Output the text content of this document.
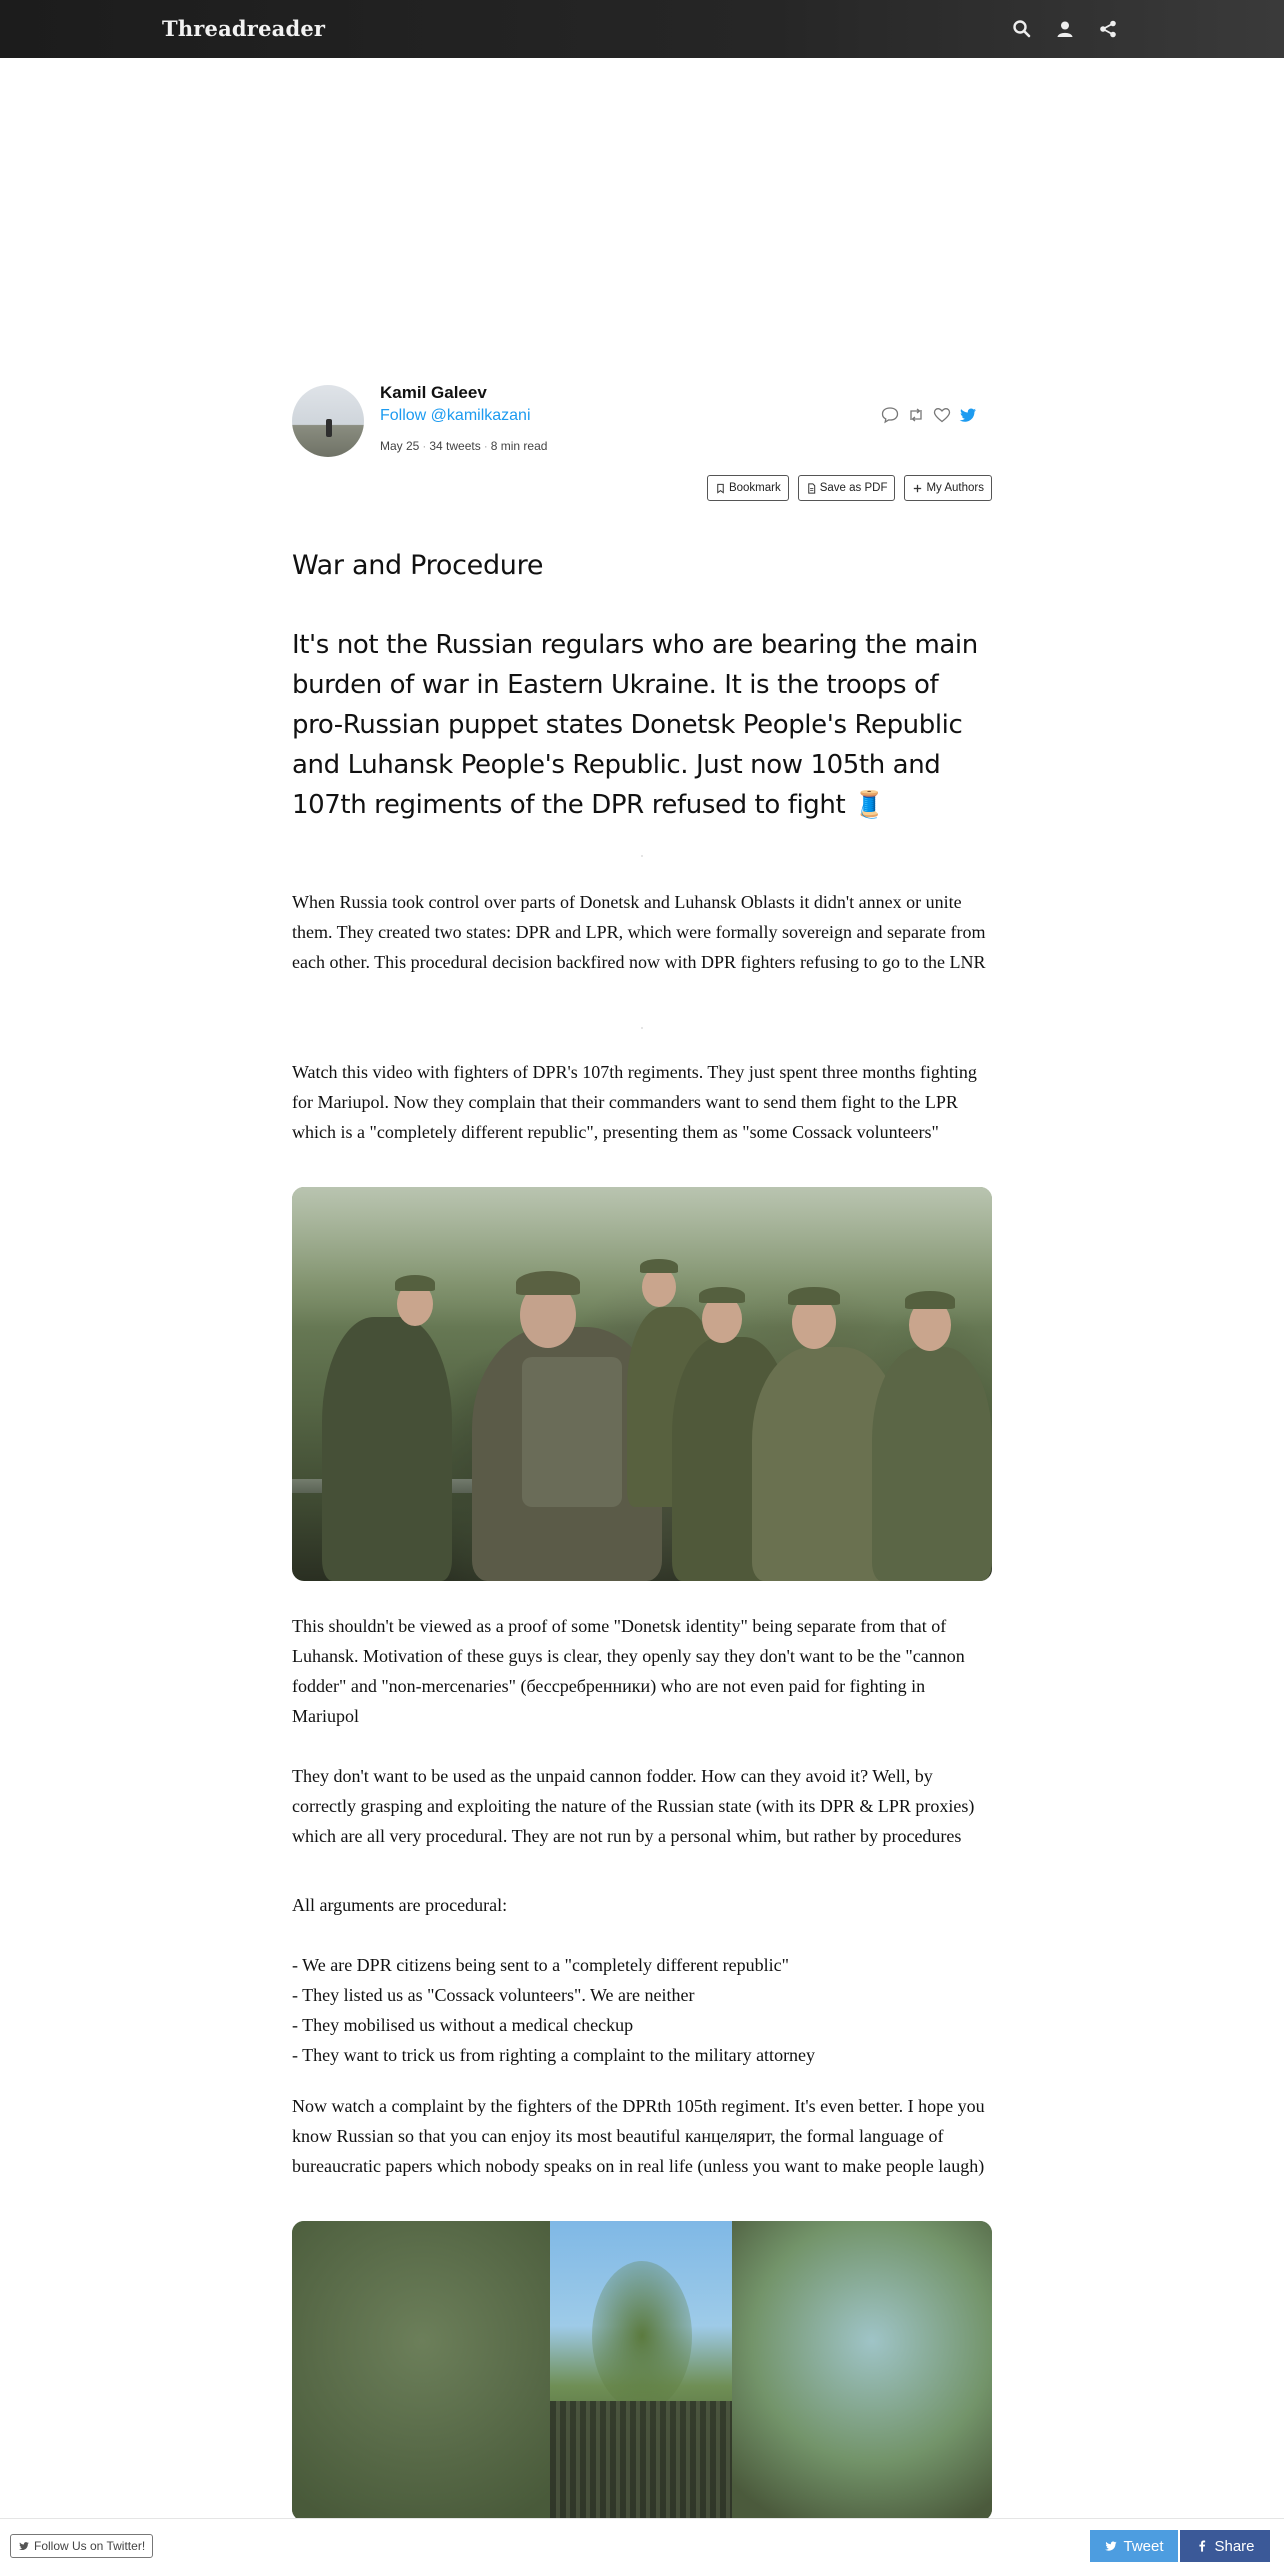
Threadreader
Kamil Galeev
Follow @kamilkazani
May 25 · 34 tweets · 8 min read
Bookmark	Save as PDF	My Authors
War and Procedure
It's not the Russian regulars who are bearing the main burden of war in Eastern Ukraine. It is the troops of pro-Russian puppet states Donetsk People's Republic and Luhansk People's Republic. Just now 105th and 107th regiments of the DPR refused to fight 🧵
When Russia took control over parts of Donetsk and Luhansk Oblasts it didn't annex or unite them. They created two states: DPR and LPR, which were formally sovereign and separate from each other. This procedural decision backfired now with DPR fighters refusing to go to the LNR
Watch this video with fighters of DPR's 107th regiments. They just spent three months fighting for Mariupol. Now they complain that their commanders want to send them fight to the LPR which is a "completely different republic", presenting them as "some Cossack volunteers"
This shouldn't be viewed as a proof of some "Donetsk identity" being separate from that of Luhansk. Motivation of these guys is clear, they openly say they don't want to be the "cannon fodder" and "non-mercenaries" (бессребренники) who are not even paid for fighting in Mariupol
They don't want to be used as the unpaid cannon fodder. How can they avoid it? Well, by correctly grasping and exploiting the nature of the Russian state (with its DPR & LPR proxies) which are all very procedural. They are not run by a personal whim, but rather by procedures
All arguments are procedural:
- We are DPR citizens being sent to a "completely different republic"
- They listed us as "Cossack volunteers". We are neither
- They mobilised us without a medical checkup
- They want to trick us from righting a complaint to the military attorney
Now watch a complaint by the fighters of the DPRth 105th regiment. It's even better. I hope you know Russian so that you can enjoy its most beautiful канцелярит, the formal language of bureaucratic papers which nobody speaks on in real life (unless you want to make people laugh)
Follow Us on Twitter!	Tweet	Share
